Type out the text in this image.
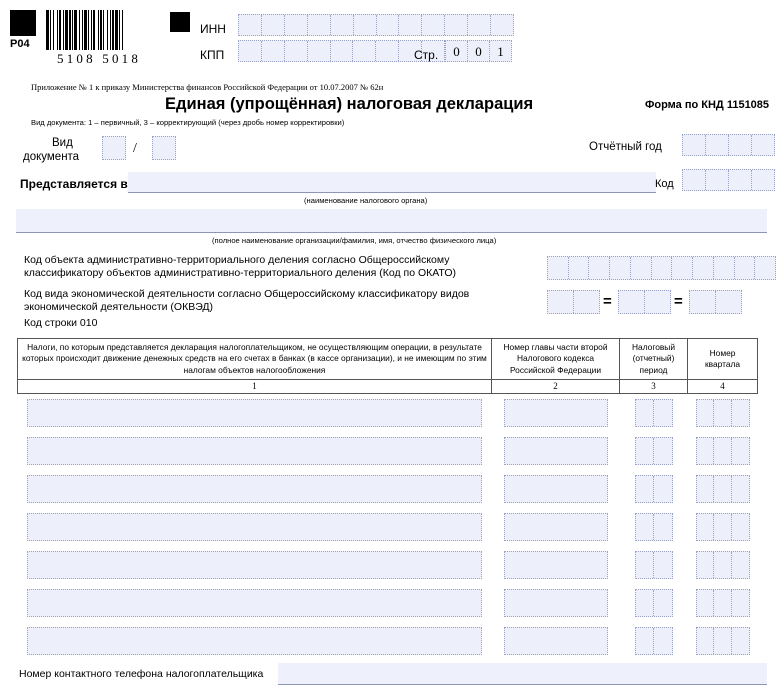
P04
5108 5018
ИНН
КПП	Стр.	0	0	1
Приложение № 1 к приказу Министерства финансов Российской Федерации от 10.07.2007 № 62н
Единая (упрощённая) налоговая декларация	Форма по КНД 1151085
Вид документа: 1 – первичный, 3 – корректирующий (через дробь номер корректировки)
Вид
документа
/	Отчётный год
Представляется в
(наименование налогового органа)
Код
(полное наименование организации/фамилия, имя, отчество физического лица)
Код объекта административно-территориального деления согласно Общероссийскому
классификатору объектов административно-территориального деления (Код по ОКАТО)
Код вида экономической деятельности согласно Общероссийскому классификатору видов
экономической деятельности (ОКВЭД)	=	=
Код строки 010
Налоги, по которым представляется декларация налогоплательщиком, не осуществляющим операции, в результате которых происходит движение денежных средств на его счетах в банках (в кассе организации), и не имеющим по этим налогам объектов налогообложения	Номер главы части второй Налогового кодекса Российской Федерации	Налоговый (отчетный) период	Номер квартала
1	2	3	4

Номер контактного телефона налогоплательщика
